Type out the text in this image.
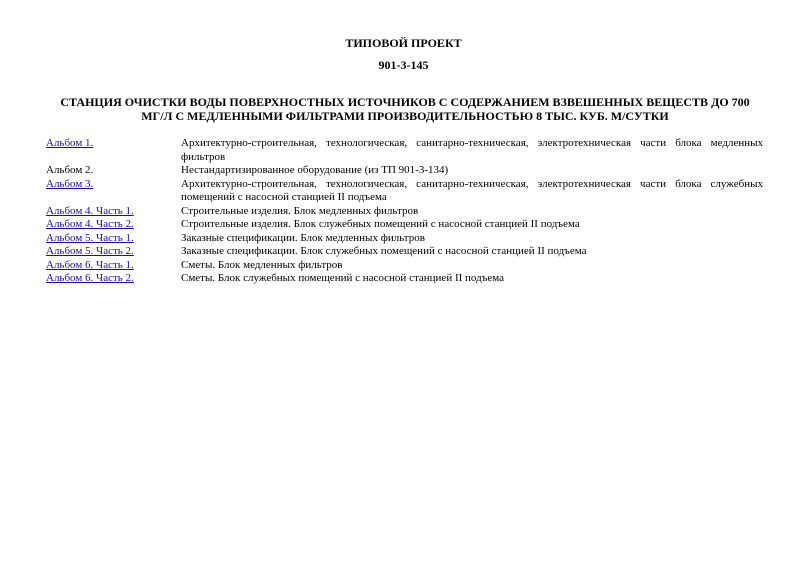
ТИПОВОЙ ПРОЕКТ
901-3-145
СТАНЦИЯ ОЧИСТКИ ВОДЫ ПОВЕРХНОСТНЫХ ИСТОЧНИКОВ С СОДЕРЖАНИЕМ ВЗВЕШЕННЫХ ВЕЩЕСТВ ДО 700 МГ/Л С МЕДЛЕННЫМИ ФИЛЬТРАМИ ПРОИЗВОДИТЕЛЬНОСТЬЮ 8 ТЫС. КУБ. М/СУТКИ
Альбом 1.	Архитектурно-строительная, технологическая, санитарно-техническая, электротехническая части блока медленных фильтров
Альбом 2.	Нестандартизированное оборудование (из ТП 901-3-134)
Альбом 3.	Архитектурно-строительная, технологическая, санитарно-техническая, электротехническая части блока служебных помещений с насосной станцией II подъема
Альбом 4. Часть 1.	Строительные изделия. Блок медленных фильтров
Альбом 4. Часть 2.	Строительные изделия. Блок служебных помещений с насосной станцией II подъема
Альбом 5. Часть 1.	Заказные спецификации. Блок медленных фильтров
Альбом 5. Часть 2.	Заказные спецификации. Блок служебных помещений с насосной станцией II подъема
Альбом 6. Часть 1.	Сметы. Блок медленных фильтров
Альбом 6. Часть 2.	Сметы. Блок служебных помещений с насосной станцией II подъема
